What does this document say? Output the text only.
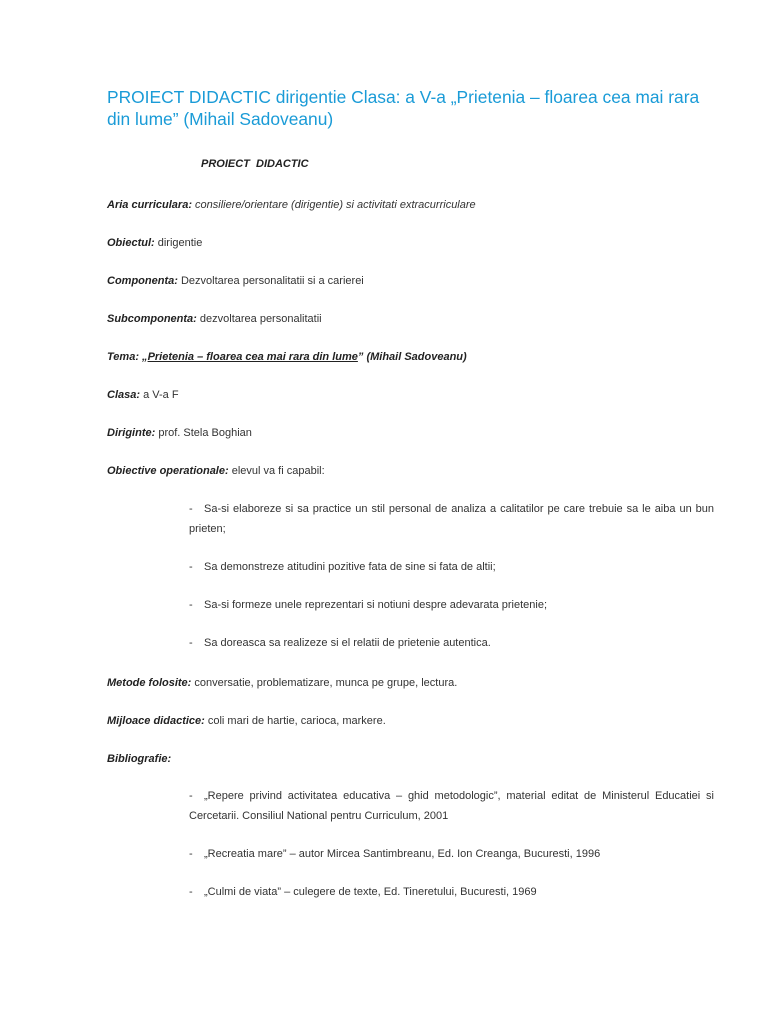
PROIECT DIDACTIC dirigentie Clasa: a V-a „Prietenia – floarea cea mai rara din lume” (Mihail Sadoveanu)
PROIECT  DIDACTIC
Aria curriculara: consiliere/orientare (dirigentie) si activitati extracurriculare
Obiectul: dirigentie
Componenta: Dezvoltarea personalitatii si a carierei
Subcomponenta: dezvoltarea personalitatii
Tema: „Prietenia – floarea cea mai rara din lume” (Mihail Sadoveanu)
Clasa: a V-a F
Diriginte: prof. Stela Boghian
Obiective operationale: elevul va fi capabil:
- Sa-si elaboreze si sa practice un stil personal de analiza a calitatilor pe care trebuie sa le aiba un bun prieten;
- Sa demonstreze atitudini pozitive fata de sine si fata de altii;
- Sa-si formeze unele reprezentari si notiuni despre adevarata prietenie;
- Sa doreasca sa realizeze si el relatii de prietenie autentica.
Metode folosite: conversatie, problematizare, munca pe grupe, lectura.
Mijloace didactice: coli mari de hartie, carioca, markere.
Bibliografie:
- „Repere privind activitatea educativa – ghid metodologic”, material editat de Ministerul Educatiei si Cercetarii. Consiliul National pentru Curriculum, 2001
- „Recreatia mare” – autor Mircea Santimbreanu, Ed. Ion Creanga, Bucuresti, 1996
- „Culmi de viata” – culegere de texte, Ed. Tineretului, Bucuresti, 1969
